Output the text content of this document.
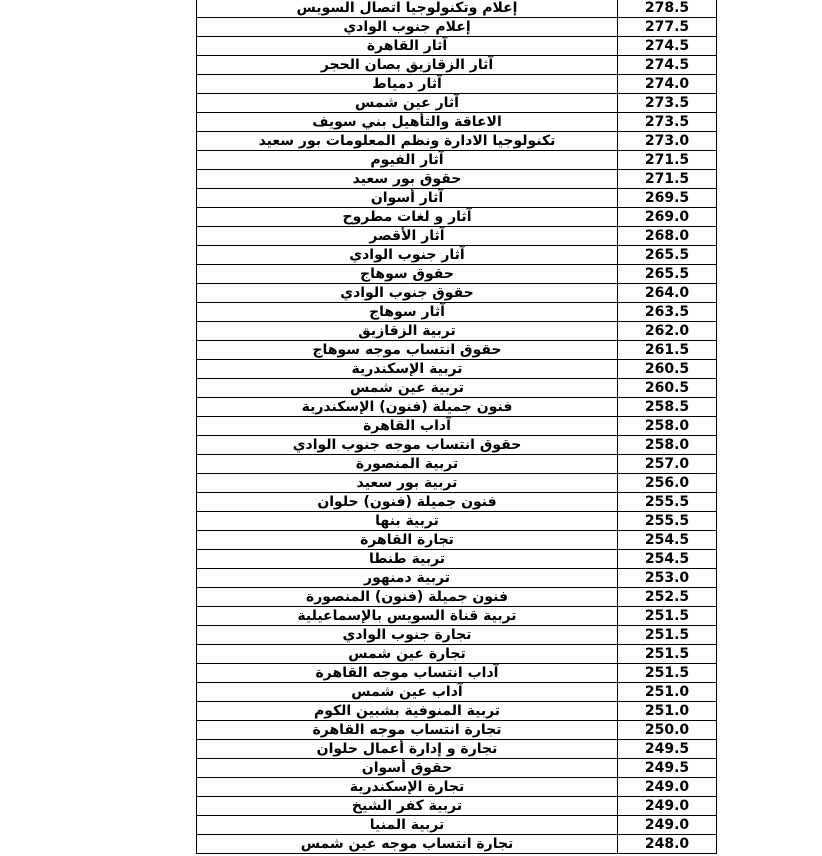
إعلام وتكنولوجيا اتصال السويس	278.5
إعلام جنوب الوادي	277.5
آثار القاهرة	274.5
آثار الزقازيق بصان الحجر	274.5
آثار دمياط	274.0
آثار عين شمس	273.5
الاعاقة والتأهيل بني سويف	273.5
تكنولوجيا الادارة ونظم المعلومات بور سعيد	273.0
آثار الفيوم	271.5
حقوق بور سعيد	271.5
آثار أسوان	269.5
آثار و لغات مطروح	269.0
آثار الأقصر	268.0
آثار جنوب الوادي	265.5
حقوق سوهاج	265.5
حقوق جنوب الوادي	264.0
آثار سوهاج	263.5
تربية الزقازيق	262.0
حقوق انتساب موجه سوهاج	261.5
تربية الإسكندرية	260.5
تربية عين شمس	260.5
فنون جميلة (فنون) الإسكندرية	258.5
آداب القاهرة	258.0
حقوق انتساب موجه جنوب الوادي	258.0
تربية المنصورة	257.0
تربية بور سعيد	256.0
فنون جميلة (فنون) حلوان	255.5
تربية بنها	255.5
تجارة القاهرة	254.5
تربية طنطا	254.5
تربية دمنهور	253.0
فنون جميلة (فنون) المنصورة	252.5
تربية قناة السويس بالإسماعيلية	251.5
تجارة جنوب الوادي	251.5
تجارة عين شمس	251.5
آداب انتساب موجه القاهرة	251.5
آداب عين شمس	251.0
تربية المنوفية بشبين الكوم	251.0
تجارة انتساب موجه القاهرة	250.0
تجارة و إدارة أعمال حلوان	249.5
حقوق أسوان	249.5
تجارة الإسكندرية	249.0
تربية كفر الشيخ	249.0
تربية المنيا	249.0
تجارة انتساب موجه عين شمس	248.0
